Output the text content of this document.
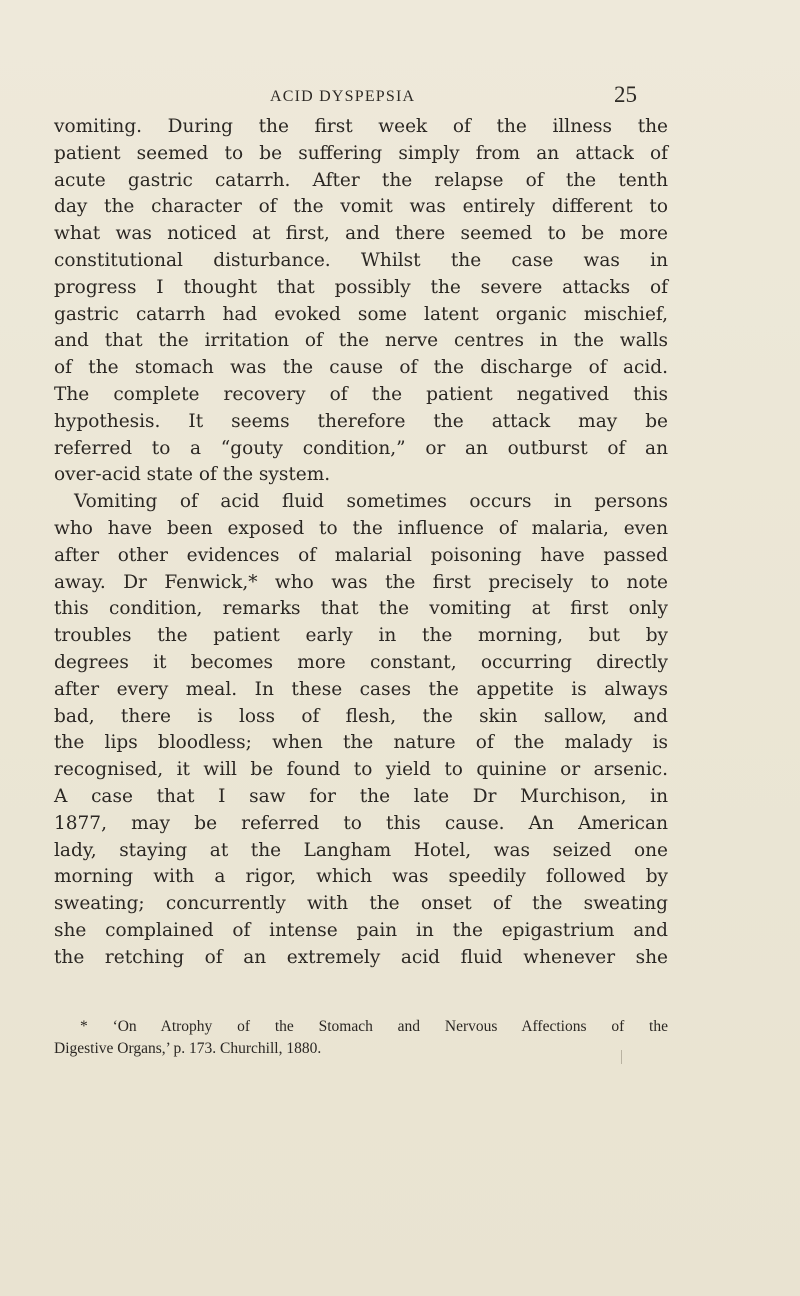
ACID DYSPEPSIA	25
vomiting. During the first week of the illness the
patient seemed to be suffering simply from an attack of
acute gastric catarrh. After the relapse of the tenth
day the character of the vomit was entirely different to
what was noticed at first, and there seemed to be more
constitutional disturbance. Whilst the case was in
progress I thought that possibly the severe attacks of
gastric catarrh had evoked some latent organic mischief,
and that the irritation of the nerve centres in the walls
of the stomach was the cause of the discharge of acid.
The complete recovery of the patient negatived this
hypothesis. It seems therefore the attack may be
referred to a “gouty condition,” or an outburst of an
over-acid state of the system.
Vomiting of acid fluid sometimes occurs in persons
who have been exposed to the influence of malaria, even
after other evidences of malarial poisoning have passed
away. Dr Fenwick,* who was the first precisely to note
this condition, remarks that the vomiting at first only
troubles the patient early in the morning, but by
degrees it becomes more constant, occurring directly
after every meal. In these cases the appetite is always
bad, there is loss of flesh, the skin sallow, and
the lips bloodless; when the nature of the malady is
recognised, it will be found to yield to quinine or arsenic.
A case that I saw for the late Dr Murchison, in
1877, may be referred to this cause. An American
lady, staying at the Langham Hotel, was seized one
morning with a rigor, which was speedily followed by
sweating; concurrently with the onset of the sweating
she complained of intense pain in the epigastrium and
the retching of an extremely acid fluid whenever she
* ‘On Atrophy of the Stomach and Nervous Affections of the
Digestive Organs,’ p. 173. Churchill, 1880.
